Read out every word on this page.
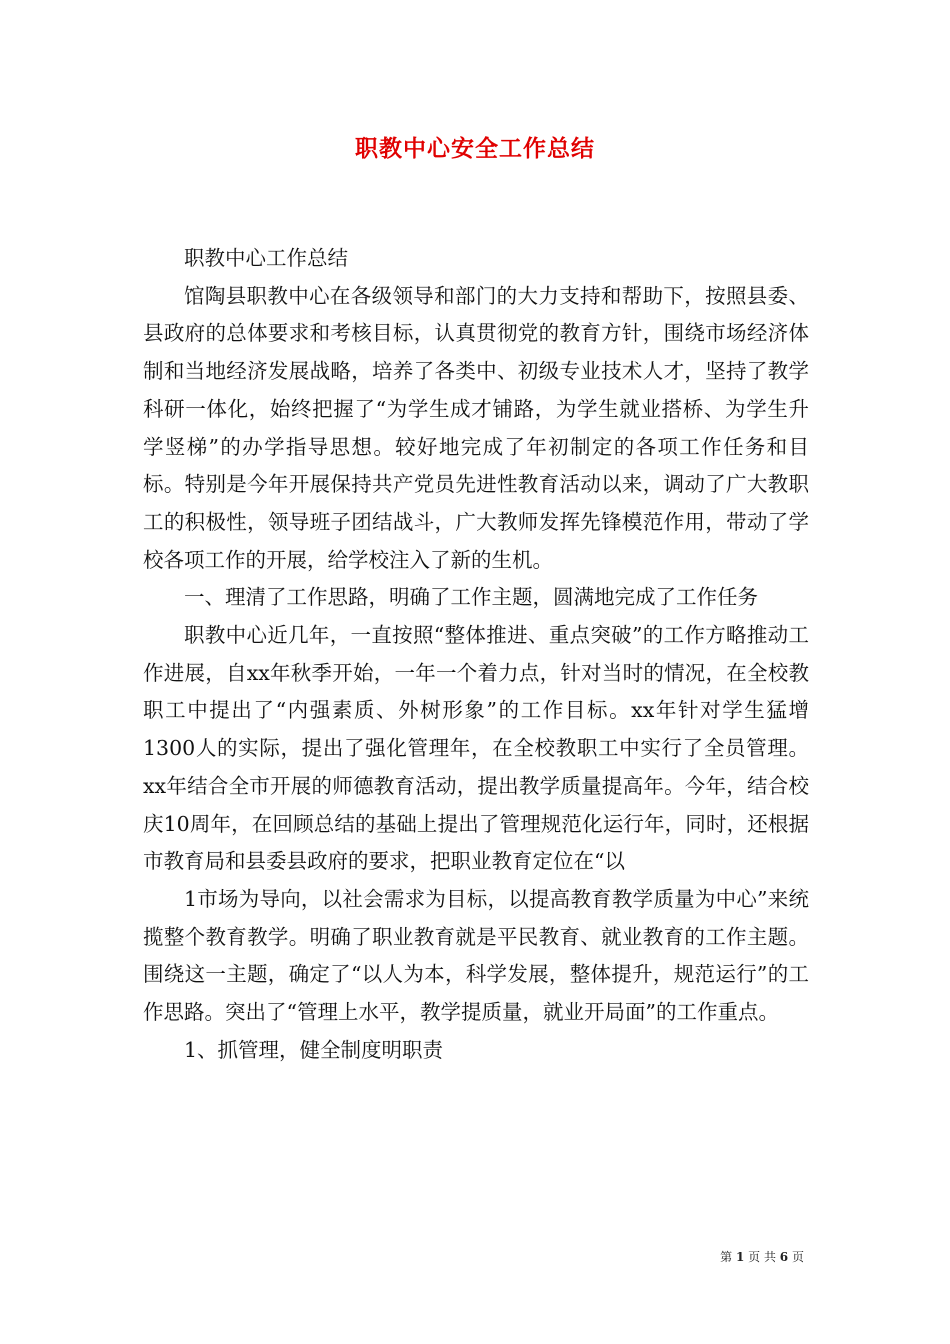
职教中心安全工作总结

职教中心工作总结

馆陶县职教中心在各级领导和部门的大力支持和帮助下，按照县委、县政府的总体要求和考核目标，认真贯彻党的教育方针，围绕市场经济体制和当地经济发展战略，培养了各类中、初级专业技术人才，坚持了教学科研一体化，始终把握了“为学生成才铺路，为学生就业搭桥、为学生升学竖梯”的办学指导思想。较好地完成了年初制定的各项工作任务和目标。特别是今年开展保持共产党员先进性教育活动以来，调动了广大教职工的积极性，领导班子团结战斗，广大教师发挥先锋模范作用，带动了学校各项工作的开展，给学校注入了新的生机。

一、理清了工作思路，明确了工作主题，圆满地完成了工作任务

职教中心近几年，一直按照“整体推进、重点突破”的工作方略推动工作进展，自xx年秋季开始，一年一个着力点，针对当时的情况，在全校教职工中提出了“内强素质、外树形象”的工作目标。xx年针对学生猛增1300人的实际，提出了强化管理年，在全校教职工中实行了全员管理。xx年结合全市开展的师德教育活动，提出教学质量提高年。今年，结合校庆10周年，在回顾总结的基础上提出了管理规范化运行年，同时，还根据市教育局和县委县政府的要求，把职业教育定位在“以

1市场为导向，以社会需求为目标，以提高教育教学质量为中心”来统揽整个教育教学。明确了职业教育就是平民教育、就业教育的工作主题。围绕这一主题，确定了“以人为本，科学发展，整体提升，规范运行”的工作思路。突出了“管理上水平，教学提质量，就业开局面”的工作重点。

1、抓管理，健全制度明职责

第 1 页 共 6 页
